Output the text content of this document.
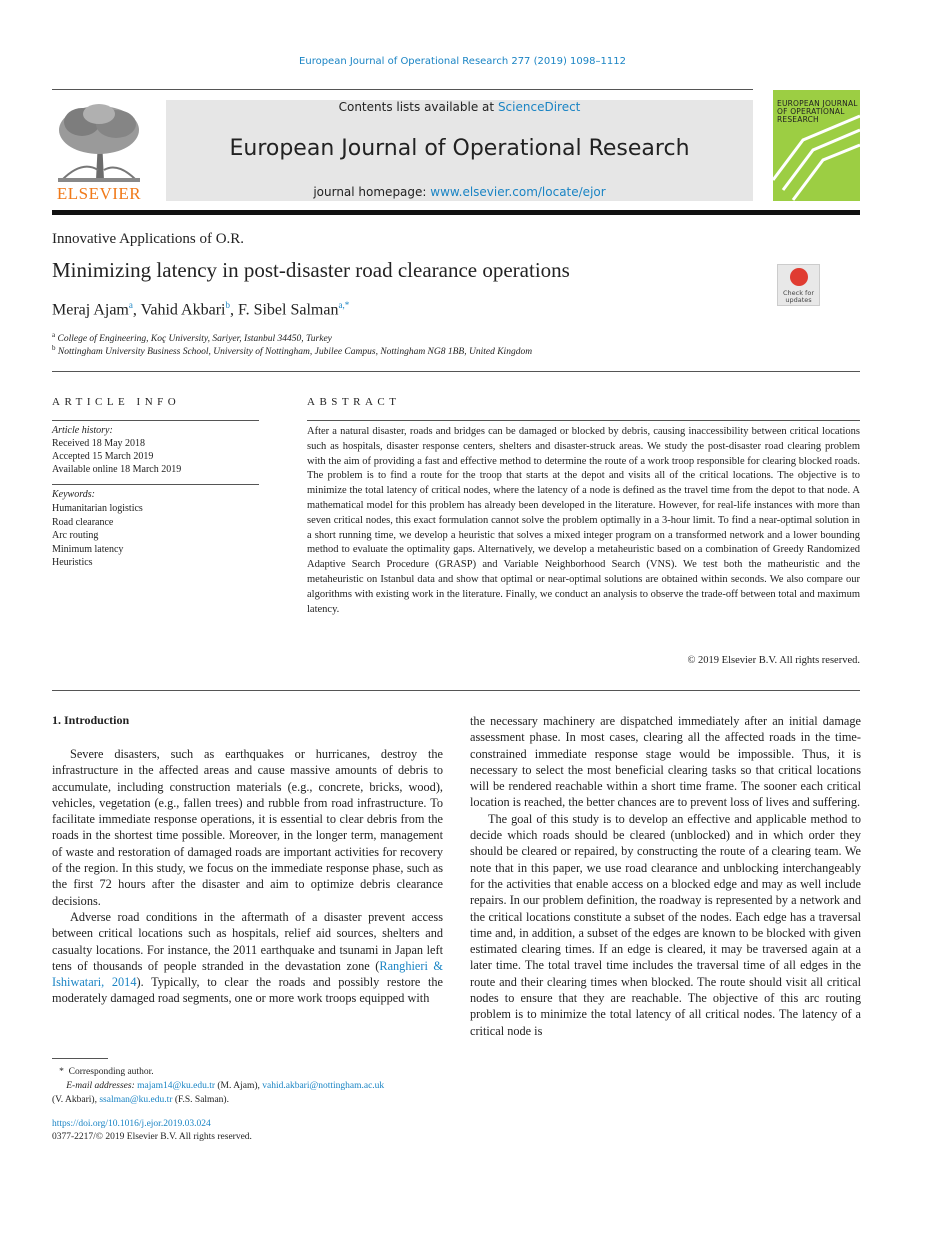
European Journal of Operational Research 277 (2019) 1098–1112
ELSEVIER
Contents lists available at ScienceDirect
European Journal of Operational Research
journal homepage: www.elsevier.com/locate/ejor
EUROPEAN JOURNAL OF OPERATIONAL RESEARCH
Innovative Applications of O.R.
Minimizing latency in post-disaster road clearance operations
Check for updates
Meraj Ajam$^a$, Vahid Akbari$^b$, F. Sibel Salman$^{a,*}$
$^a$ College of Engineering, Koç University, Sariyer, Istanbul 34450, Turkey
$^b$ Nottingham University Business School, University of Nottingham, Jubilee Campus, Nottingham NG8 1BB, United Kingdom
ARTICLE INFO	ABSTRACT
Article history:
Received 18 May 2018
Accepted 15 March 2019
Available online 18 March 2019
Keywords:
Humanitarian logistics
Road clearance
Arc routing
Minimum latency
Heuristics
After a natural disaster, roads and bridges can be damaged or blocked by debris, causing inaccessibility between critical locations such as hospitals, disaster response centers, shelters and disaster-struck areas. We study the post-disaster road clearing problem with the aim of providing a fast and effective method to determine the route of a work troop responsible for clearing blocked roads. The problem is to find a route for the troop that starts at the depot and visits all of the critical locations. The objective is to minimize the total latency of critical nodes, where the latency of a node is defined as the travel time from the depot to that node. A mathematical model for this problem has already been developed in the literature. However, for real-life instances with more than seven critical nodes, this exact formulation cannot solve the problem optimally in a 3-hour limit. To find a near-optimal solution in a short running time, we develop a heuristic that solves a mixed integer program on a transformed network and a lower bounding method to evaluate the optimality gaps. Alternatively, we develop a metaheuristic based on a combination of Greedy Randomized Adaptive Search Procedure (GRASP) and Variable Neighborhood Search (VNS). We test both the matheuristic and the metaheuristic on Istanbul data and show that optimal or near-optimal solutions are obtained within seconds. We also compare our algorithms with existing work in the literature. Finally, we conduct an analysis to observe the trade-off between total and maximum latency.
© 2019 Elsevier B.V. All rights reserved.
1. Introduction

Severe disasters, such as earthquakes or hurricanes, destroy the infrastructure in the affected areas and cause massive amounts of debris to accumulate, including construction materials (e.g., concrete, bricks, wood), vehicles, vegetation (e.g., fallen trees) and rubble from road infrastructure. To facilitate immediate response operations, it is essential to clear debris from the roads in the shortest time possible. Moreover, in the longer term, management of waste and restoration of damaged roads are important activities for recovery of the region. In this study, we focus on the immediate response phase, such as the first 72 hours after the disaster and aim to optimize debris clearance decisions.

Adverse road conditions in the aftermath of a disaster prevent access between critical locations such as hospitals, relief aid sources, shelters and casualty locations. For instance, the 2011 earthquake and tsunami in Japan left tens of thousands of people stranded in the devastation zone (Ranghieri & Ishiwatari, 2014). Typically, to clear the roads and possibly restore the moderately damaged road segments, one or more work troops equipped with

the necessary machinery are dispatched immediately after an initial damage assessment phase. In most cases, clearing all the affected roads in the time-constrained immediate response stage would be impossible. Thus, it is necessary to select the most beneficial clearing tasks so that critical locations will be rendered reachable within a short time frame. The sooner each critical location is reached, the better chances are to prevent loss of lives and suffering.

The goal of this study is to develop an effective and applicable method to decide which roads should be cleared (unblocked) and in which order they should be cleared or repaired, by constructing the route of a clearing team. We note that in this paper, we use road clearance and unblocking interchangeably for the activities that enable access on a blocked edge and may as well include repairs. In our problem definition, the roadway is represented by a network and the critical locations constitute a subset of the nodes. Each edge has a traversal time and, in addition, a subset of the edges are known to be blocked with given estimated clearing times. If an edge is cleared, it may be traversed again at a later time. The total travel time includes the traversal time of all edges in the route and their clearing times when blocked. The route should visit all critical nodes to ensure that they are reachable. The objective of this arc routing problem is to minimize the total latency of all critical nodes. The latency of a critical node is

* Corresponding author.
E-mail addresses: majam14@ku.edu.tr (M. Ajam), vahid.akbari@nottingham.ac.uk
(V. Akbari), ssalman@ku.edu.tr (F.S. Salman).
https://doi.org/10.1016/j.ejor.2019.03.024
0377-2217/© 2019 Elsevier B.V. All rights reserved.
